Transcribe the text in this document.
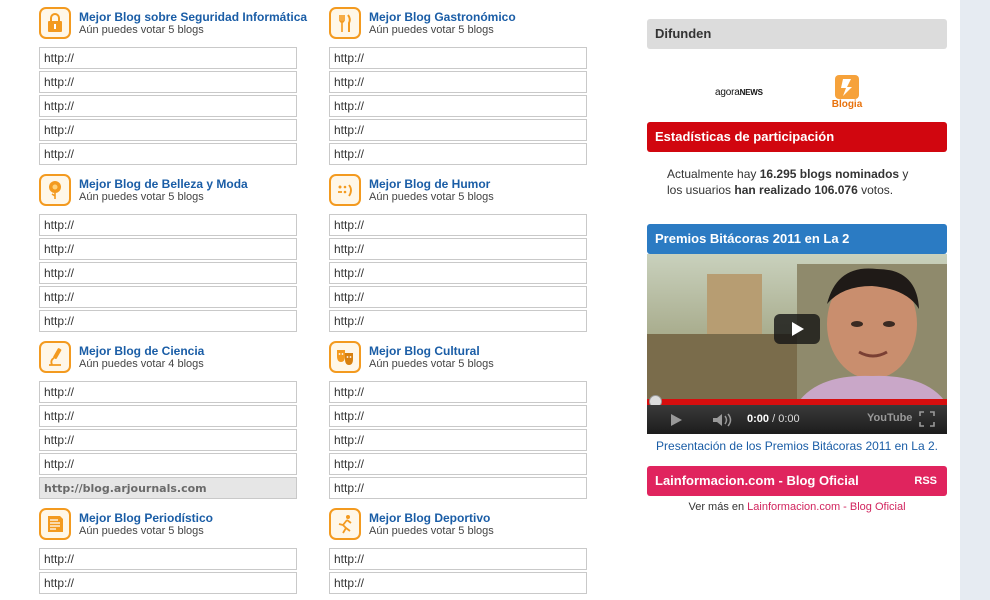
Mejor Blog sobre Seguridad Informática
Aún puedes votar 5 blogs
http://
http://
http://
http://
http://
Mejor Blog Gastronómico
Aún puedes votar 5 blogs
http://
http://
http://
http://
http://
Mejor Blog de Belleza y Moda
Aún puedes votar 5 blogs
http://
http://
http://
http://
http://
Mejor Blog de Humor
Aún puedes votar 5 blogs
http://
http://
http://
http://
http://
Mejor Blog de Ciencia
Aún puedes votar 4 blogs
http://
http://
http://
http://
http://blog.arjournals.com
Mejor Blog Cultural
Aún puedes votar 5 blogs
http://
http://
http://
http://
http://
Mejor Blog Periodístico
Aún puedes votar 5 blogs
http://
http://
Mejor Blog Deportivo
Aún puedes votar 5 blogs
http://
http://
Difunden
agoraNEWS
Blogia
Estadísticas de participación
Actualmente hay 16.295 blogs nominados y los usuarios han realizado 106.076 votos.
Premios Bitácoras 2011 en La 2
0:00 / 0:00	YouTube
Presentación de los Premios Bitácoras 2011 en La 2.
Lainformacion.com - Blog Oficial	RSS
Ver más en Lainformacion.com - Blog Oficial
